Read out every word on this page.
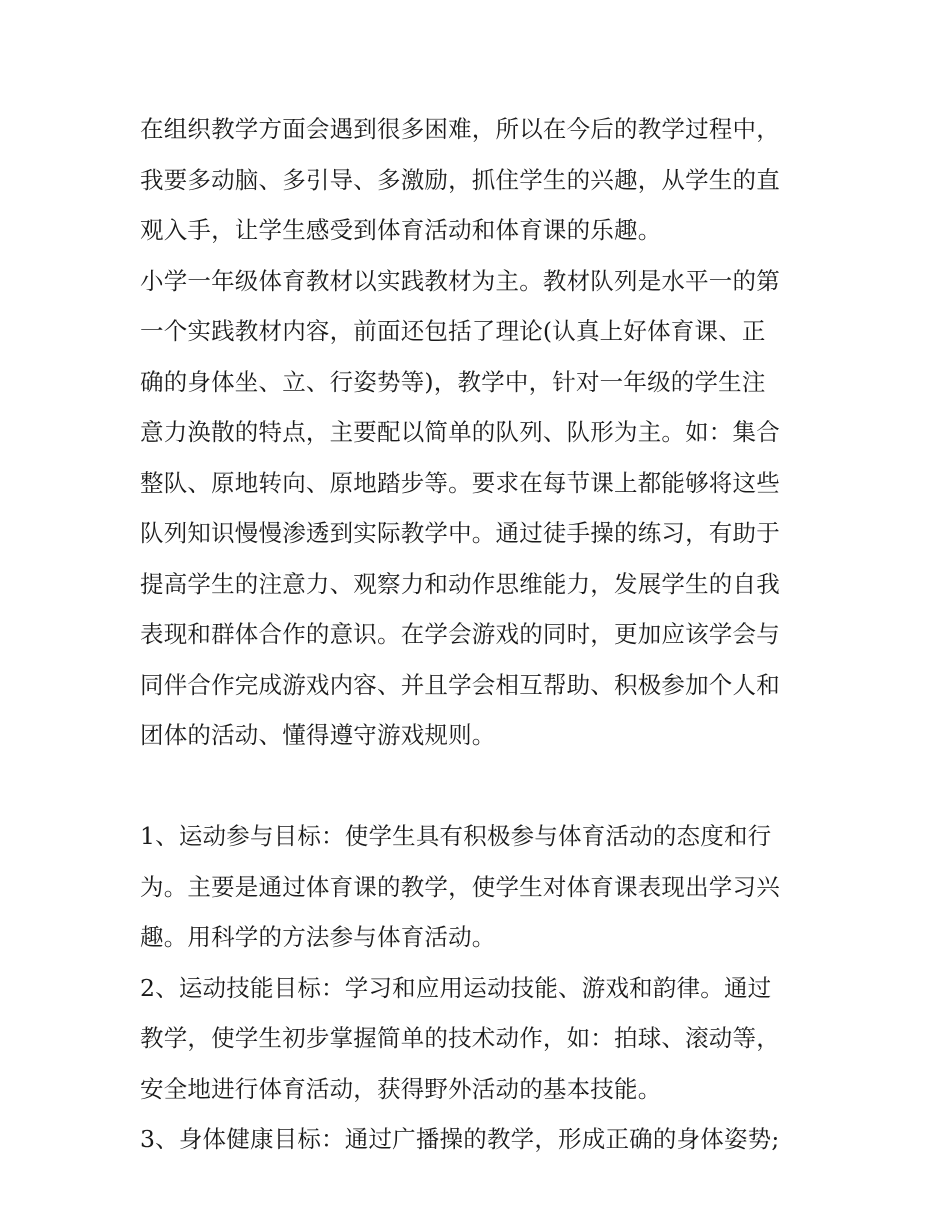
在组织教学方面会遇到很多困难，所以在今后的教学过程中，
我要多动脑、多引导、多激励，抓住学生的兴趣，从学生的直
观入手，让学生感受到体育活动和体育课的乐趣。
小学一年级体育教材以实践教材为主。教材队列是水平一的第
一个实践教材内容，前面还包括了理论(认真上好体育课、正
确的身体坐、立、行姿势等)，教学中，针对一年级的学生注
意力涣散的特点，主要配以简单的队列、队形为主。如：集合
整队、原地转向、原地踏步等。要求在每节课上都能够将这些
队列知识慢慢渗透到实际教学中。通过徒手操的练习，有助于
提高学生的注意力、观察力和动作思维能力，发展学生的自我
表现和群体合作的意识。在学会游戏的同时，更加应该学会与
同伴合作完成游戏内容、并且学会相互帮助、积极参加个人和
团体的活动、懂得遵守游戏规则。
1、运动参与目标：使学生具有积极参与体育活动的态度和行
为。主要是通过体育课的教学，使学生对体育课表现出学习兴
趣。用科学的方法参与体育活动。
2、运动技能目标：学习和应用运动技能、游戏和韵律。通过
教学，使学生初步掌握简单的技术动作，如：拍球、滚动等，
安全地进行体育活动，获得野外活动的基本技能。
3、身体健康目标：通过广播操的教学，形成正确的身体姿势;
